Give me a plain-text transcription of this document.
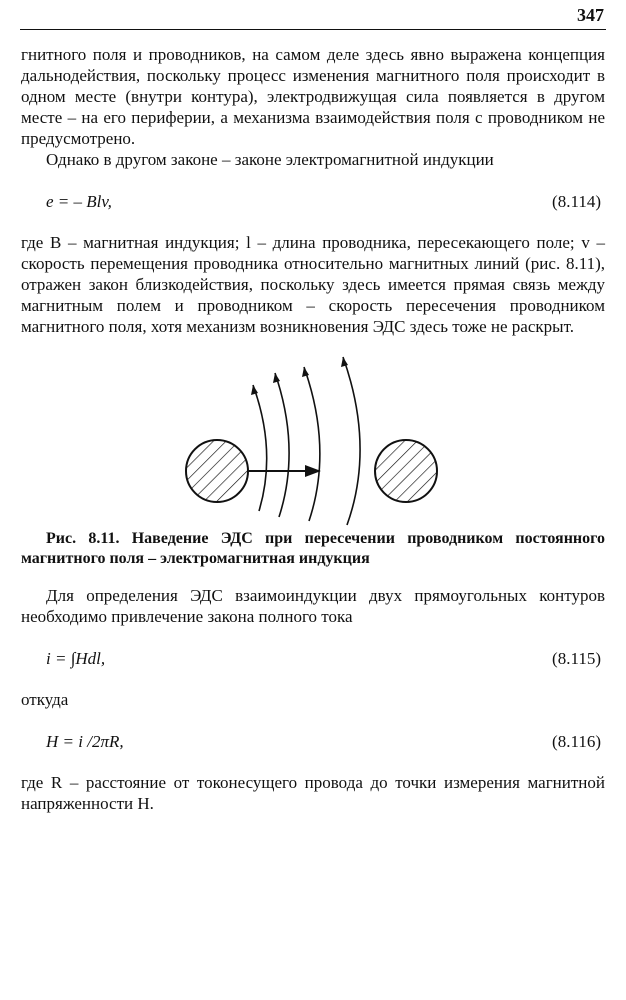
347

гнитного поля и проводников, на самом деле здесь явно выражена концепция дальнодействия, поскольку процесс изменения магнитного поля происходит в одном месте (внутри контура), электродвижущая сила появляется в другом месте – на его периферии, а механизма взаимодействия поля с проводником не предусмотрено.

Однако в другом законе – законе электромагнитной индукции

e = – Blv,	(8.114)

где B – магнитная индукция; l – длина проводника, пересекающего поле; v – скорость перемещения проводника относительно магнитных линий (рис. 8.11), отражен закон близкодействия, поскольку здесь имеется прямая связь между магнитным полем и проводником – скорость пересечения проводником магнитного поля, хотя механизм возникновения ЭДС здесь тоже не раскрыт.

Рис. 8.11. Наведение ЭДС при пересечении проводником постоянного магнитного поля – электромагнитная индукция

Для определения ЭДС взаимоиндукции двух прямоугольных контуров необходимо привлечение закона полного тока

i = ∫Hdl,	(8.115)

откуда

H = i /2πR,	(8.116)

где R – расстояние от токонесущего провода до точки измерения магнитной напряженности H.
